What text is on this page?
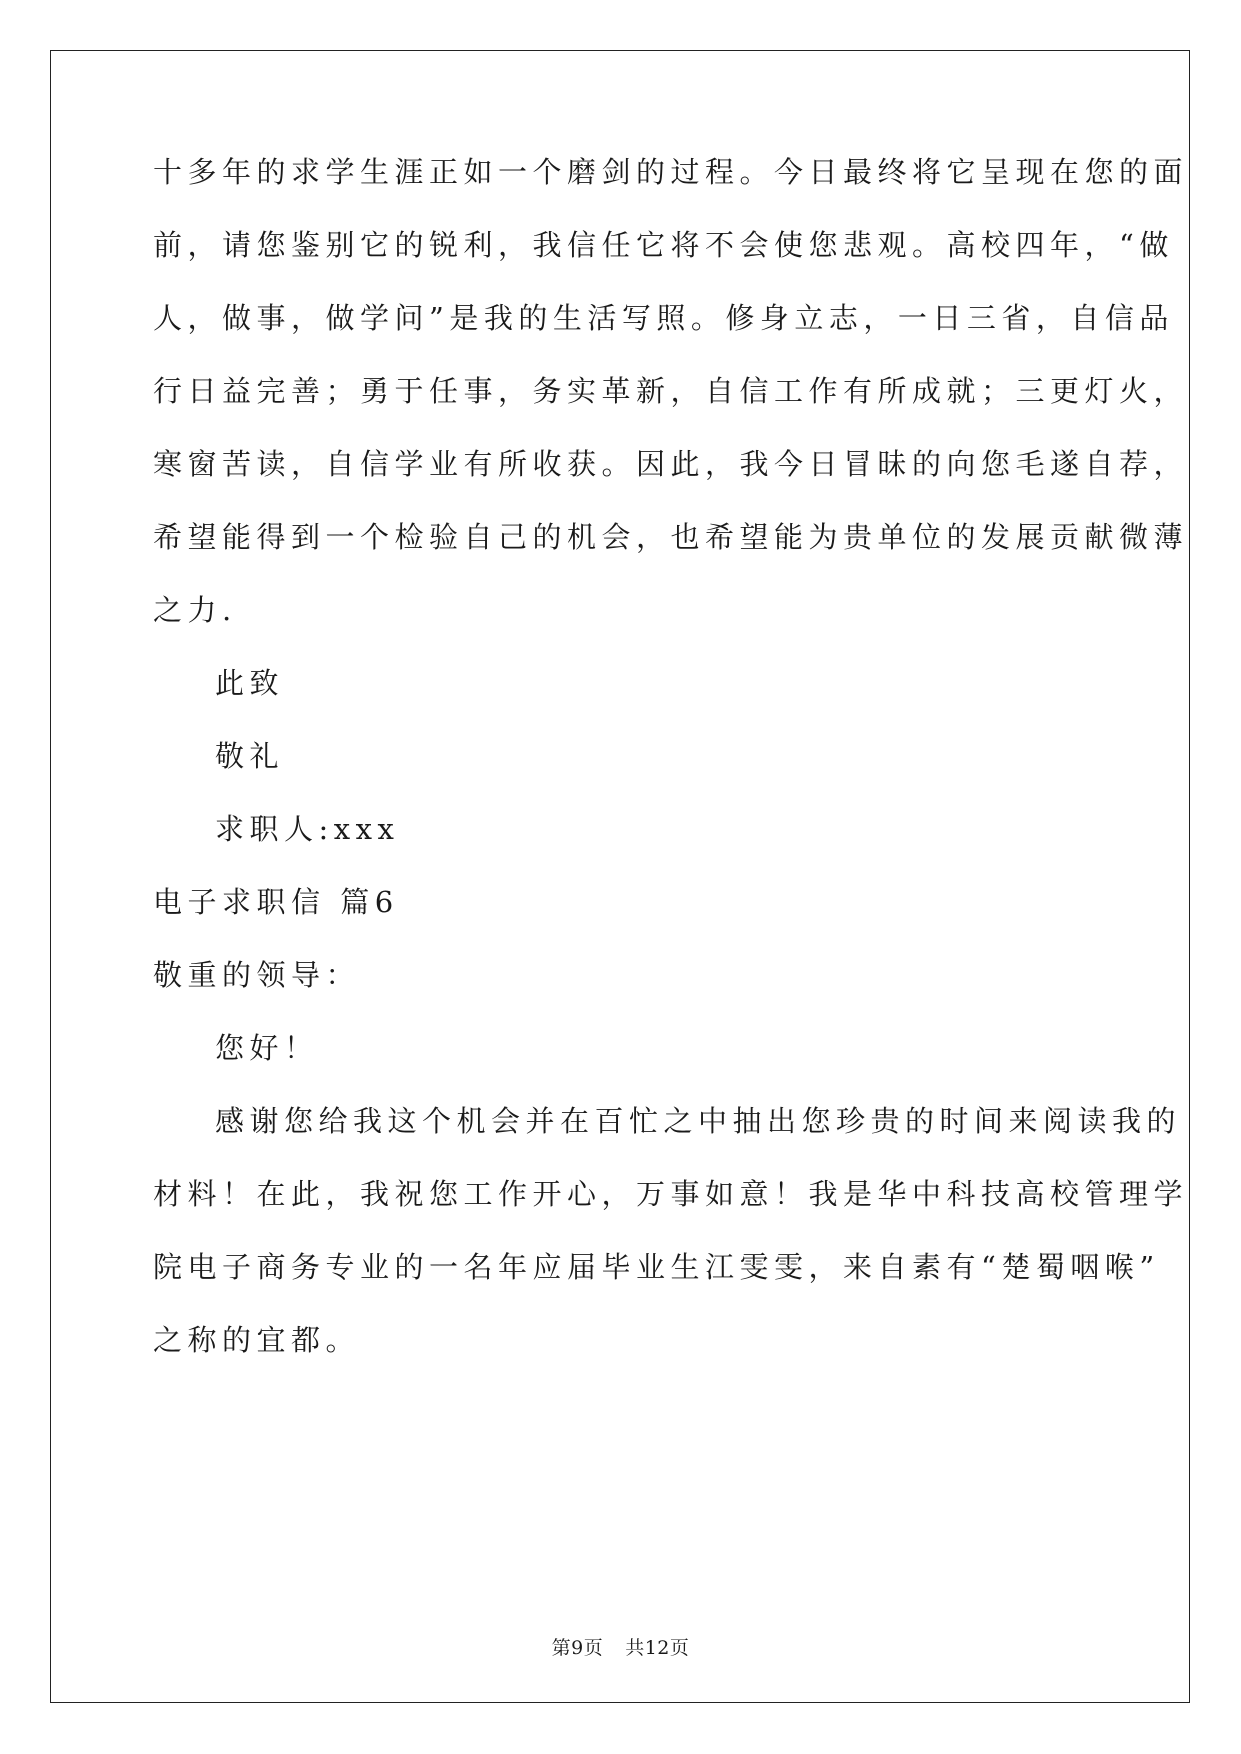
十多年的求学生涯正如一个磨剑的过程。今日最终将它呈现在您的面
前，请您鉴别它的锐利，我信任它将不会使您悲观。高校四年，“做
人，做事，做学问”是我的生活写照。修身立志，一日三省，自信品
行日益完善；勇于任事，务实革新，自信工作有所成就；三更灯火，
寒窗苦读，自信学业有所收获。因此，我今日冒昧的向您毛遂自荐，
希望能得到一个检验自己的机会，也希望能为贵单位的发展贡献微薄
之力.
此致
敬礼
求职人:xxx
电子求职信 篇6
敬重的领导：
您好！
感谢您给我这个机会并在百忙之中抽出您珍贵的时间来阅读我的
材料！在此，我祝您工作开心，万事如意！我是华中科技高校管理学
院电子商务专业的一名年应届毕业生江雯雯，来自素有“楚蜀咽喉”
之称的宜都。
第9页 共12页
